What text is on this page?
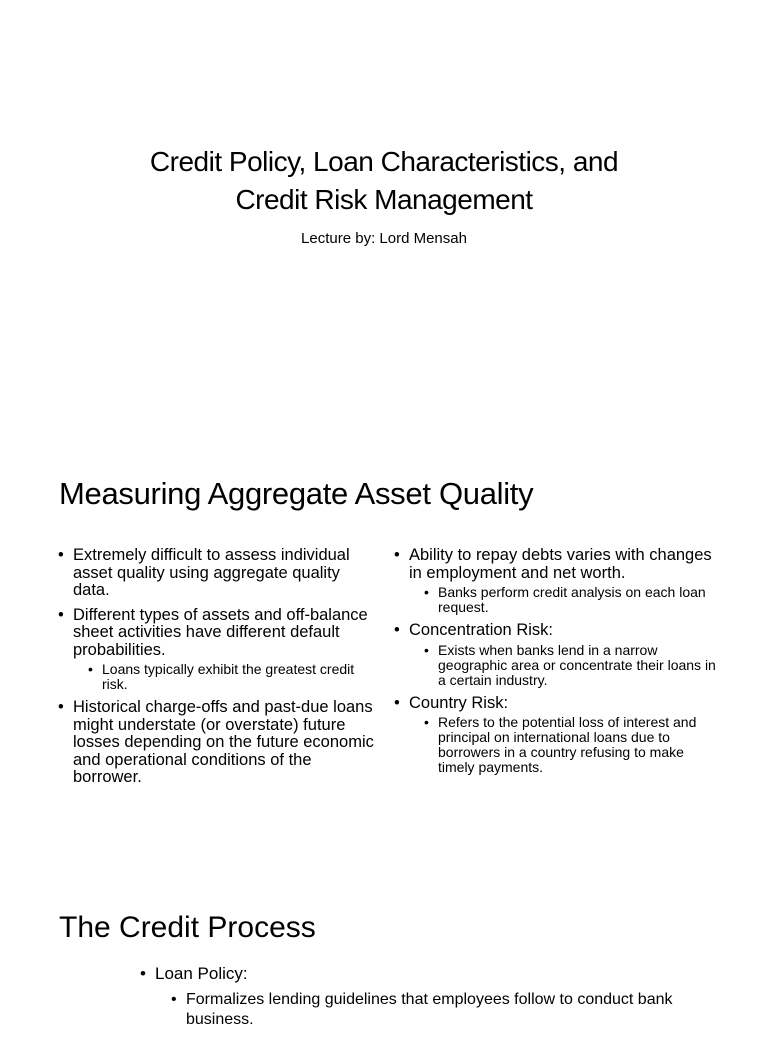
Credit Policy, Loan Characteristics, and
Credit Risk Management
Lecture by: Lord Mensah
Measuring Aggregate Asset Quality
• Extremely difficult to assess individual asset quality using aggregate quality data.
• Different types of assets and off-balance sheet activities have different default probabilities.
• Loans typically exhibit the greatest credit risk.
• Historical charge-offs and past-due loans might understate (or overstate) future losses depending on the future economic and operational conditions of the borrower.
• Ability to repay debts varies with changes in employment and net worth.
• Banks perform credit analysis on each loan request.
• Concentration Risk:
• Exists when banks lend in a narrow geographic area or concentrate their loans in a certain industry.
• Country Risk:
• Refers to the potential loss of interest and principal on international loans due to borrowers in a country refusing to make timely payments.
The Credit Process
• Loan Policy:
• Formalizes lending guidelines that employees follow to conduct bank business.
